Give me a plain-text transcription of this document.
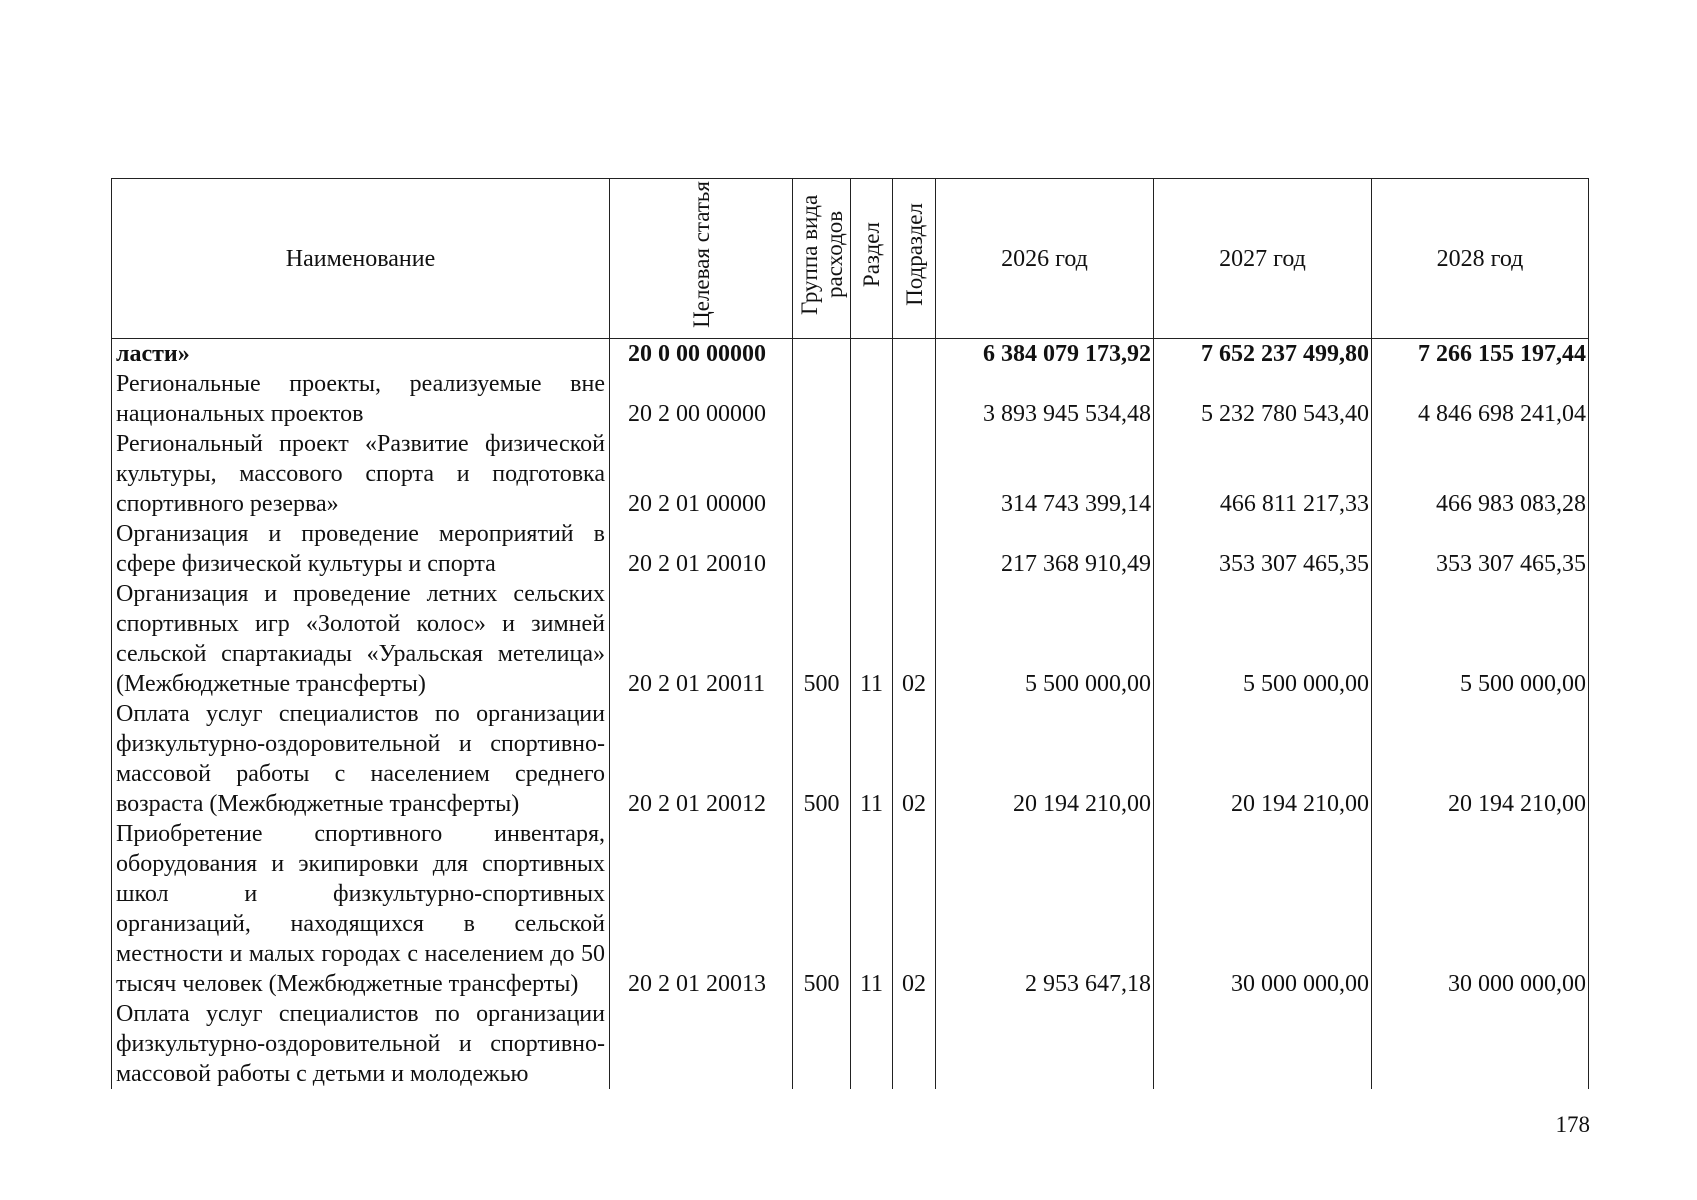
Наименование	Целевая статья	Группа вида расходов	Раздел	Подраздел	2026 год	2027 год	2028 год
ласти»	20 0 00 00000				6 384 079 173,92	7 652 237 499,80	7 266 155 197,44
Региональные проекты, реализуемые вне национальных проектов	20 2 00 00000				3 893 945 534,48	5 232 780 543,40	4 846 698 241,04
Региональный проект «Развитие физической культуры, массового спорта и подготовка спортивного резерва»	20 2 01 00000				314 743 399,14	466 811 217,33	466 983 083,28
Организация и проведение мероприятий в сфере физической культуры и спорта	20 2 01 20010				217 368 910,49	353 307 465,35	353 307 465,35
Организация и проведение летних сельских спортивных игр «Золотой колос» и зимней сельской спартакиады «Уральская метелица» (Межбюджетные трансферты)	20 2 01 20011	500	11	02	5 500 000,00	5 500 000,00	5 500 000,00
Оплата услуг специалистов по организации физкультурно-оздоровительной и спортивно-массовой работы с населением среднего возраста (Межбюджетные трансферты)	20 2 01 20012	500	11	02	20 194 210,00	20 194 210,00	20 194 210,00
Приобретение спортивного инвентаря, оборудования и экипировки для спортивных школ и физкультурно-спортивных организаций, находящихся в сельской местности и малых городах с населением до 50 тысяч человек (Межбюджетные трансферты)	20 2 01 20013	500	11	02	2 953 647,18	30 000 000,00	30 000 000,00
Оплата услуг специалистов по организации физкультурно-оздоровительной и спортивно-массовой работы с детьми и молодежью							
178
